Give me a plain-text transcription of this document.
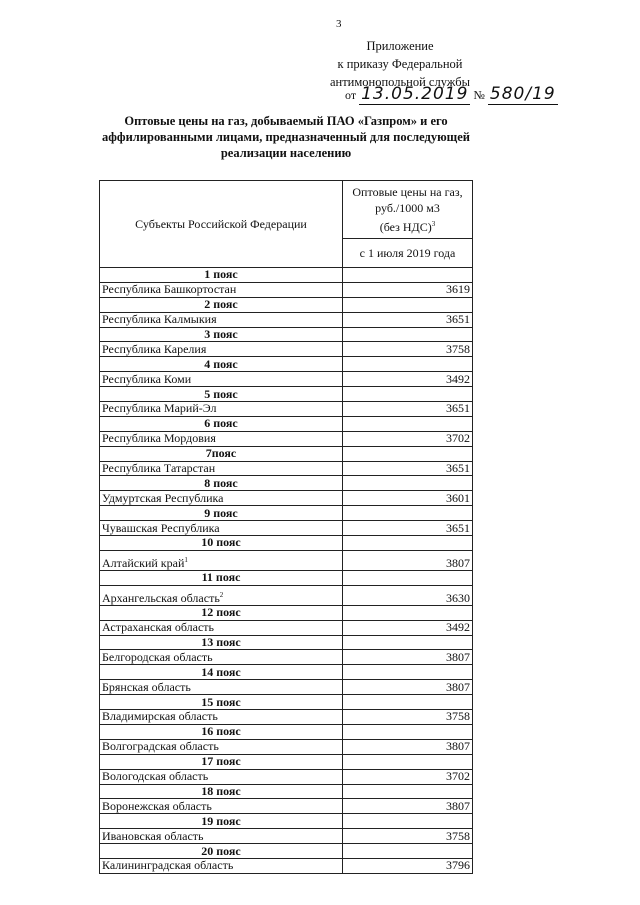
3
Приложение
к приказу Федеральной
антимонопольной службы
от 13.05.2019 № 580/19
Оптовые цены на газ, добываемый ПАО «Газпром» и его аффилированными лицами, предназначенный для последующей реализации населению
Субъекты Российской Федерации	Оптовые цены на газ,
руб./1000 м3
(без НДС)$^3$

	с 1 июля 2019 года
1 пояс	
Республика Башкортостан	3619
2 пояс	
Республика Калмыкия	3651
3 пояс	
Республика Карелия	3758
4 пояс	
Республика Коми	3492
5 пояс	
Республика Марий-Эл	3651
6 пояс	
Республика Мордовия	3702
7пояс	
Республика Татарстан	3651
8 пояс	
Удмуртская Республика	3601
9 пояс	
Чувашская Республика	3651
10 пояс	
Алтайский край$^1$	3807
11 пояс	
Архангельская область$^2$	3630
12 пояс	
Астраханская область	3492
13 пояс	
Белгородская область	3807
14 пояс	
Брянская область	3807
15 пояс	
Владимирская область	3758
16 пояс	
Волгоградская область	3807
17 пояс	
Вологодская область	3702
18 пояс	
Воронежская область	3807
19 пояс	
Ивановская область	3758
20 пояс	
Калининградская область	3796
